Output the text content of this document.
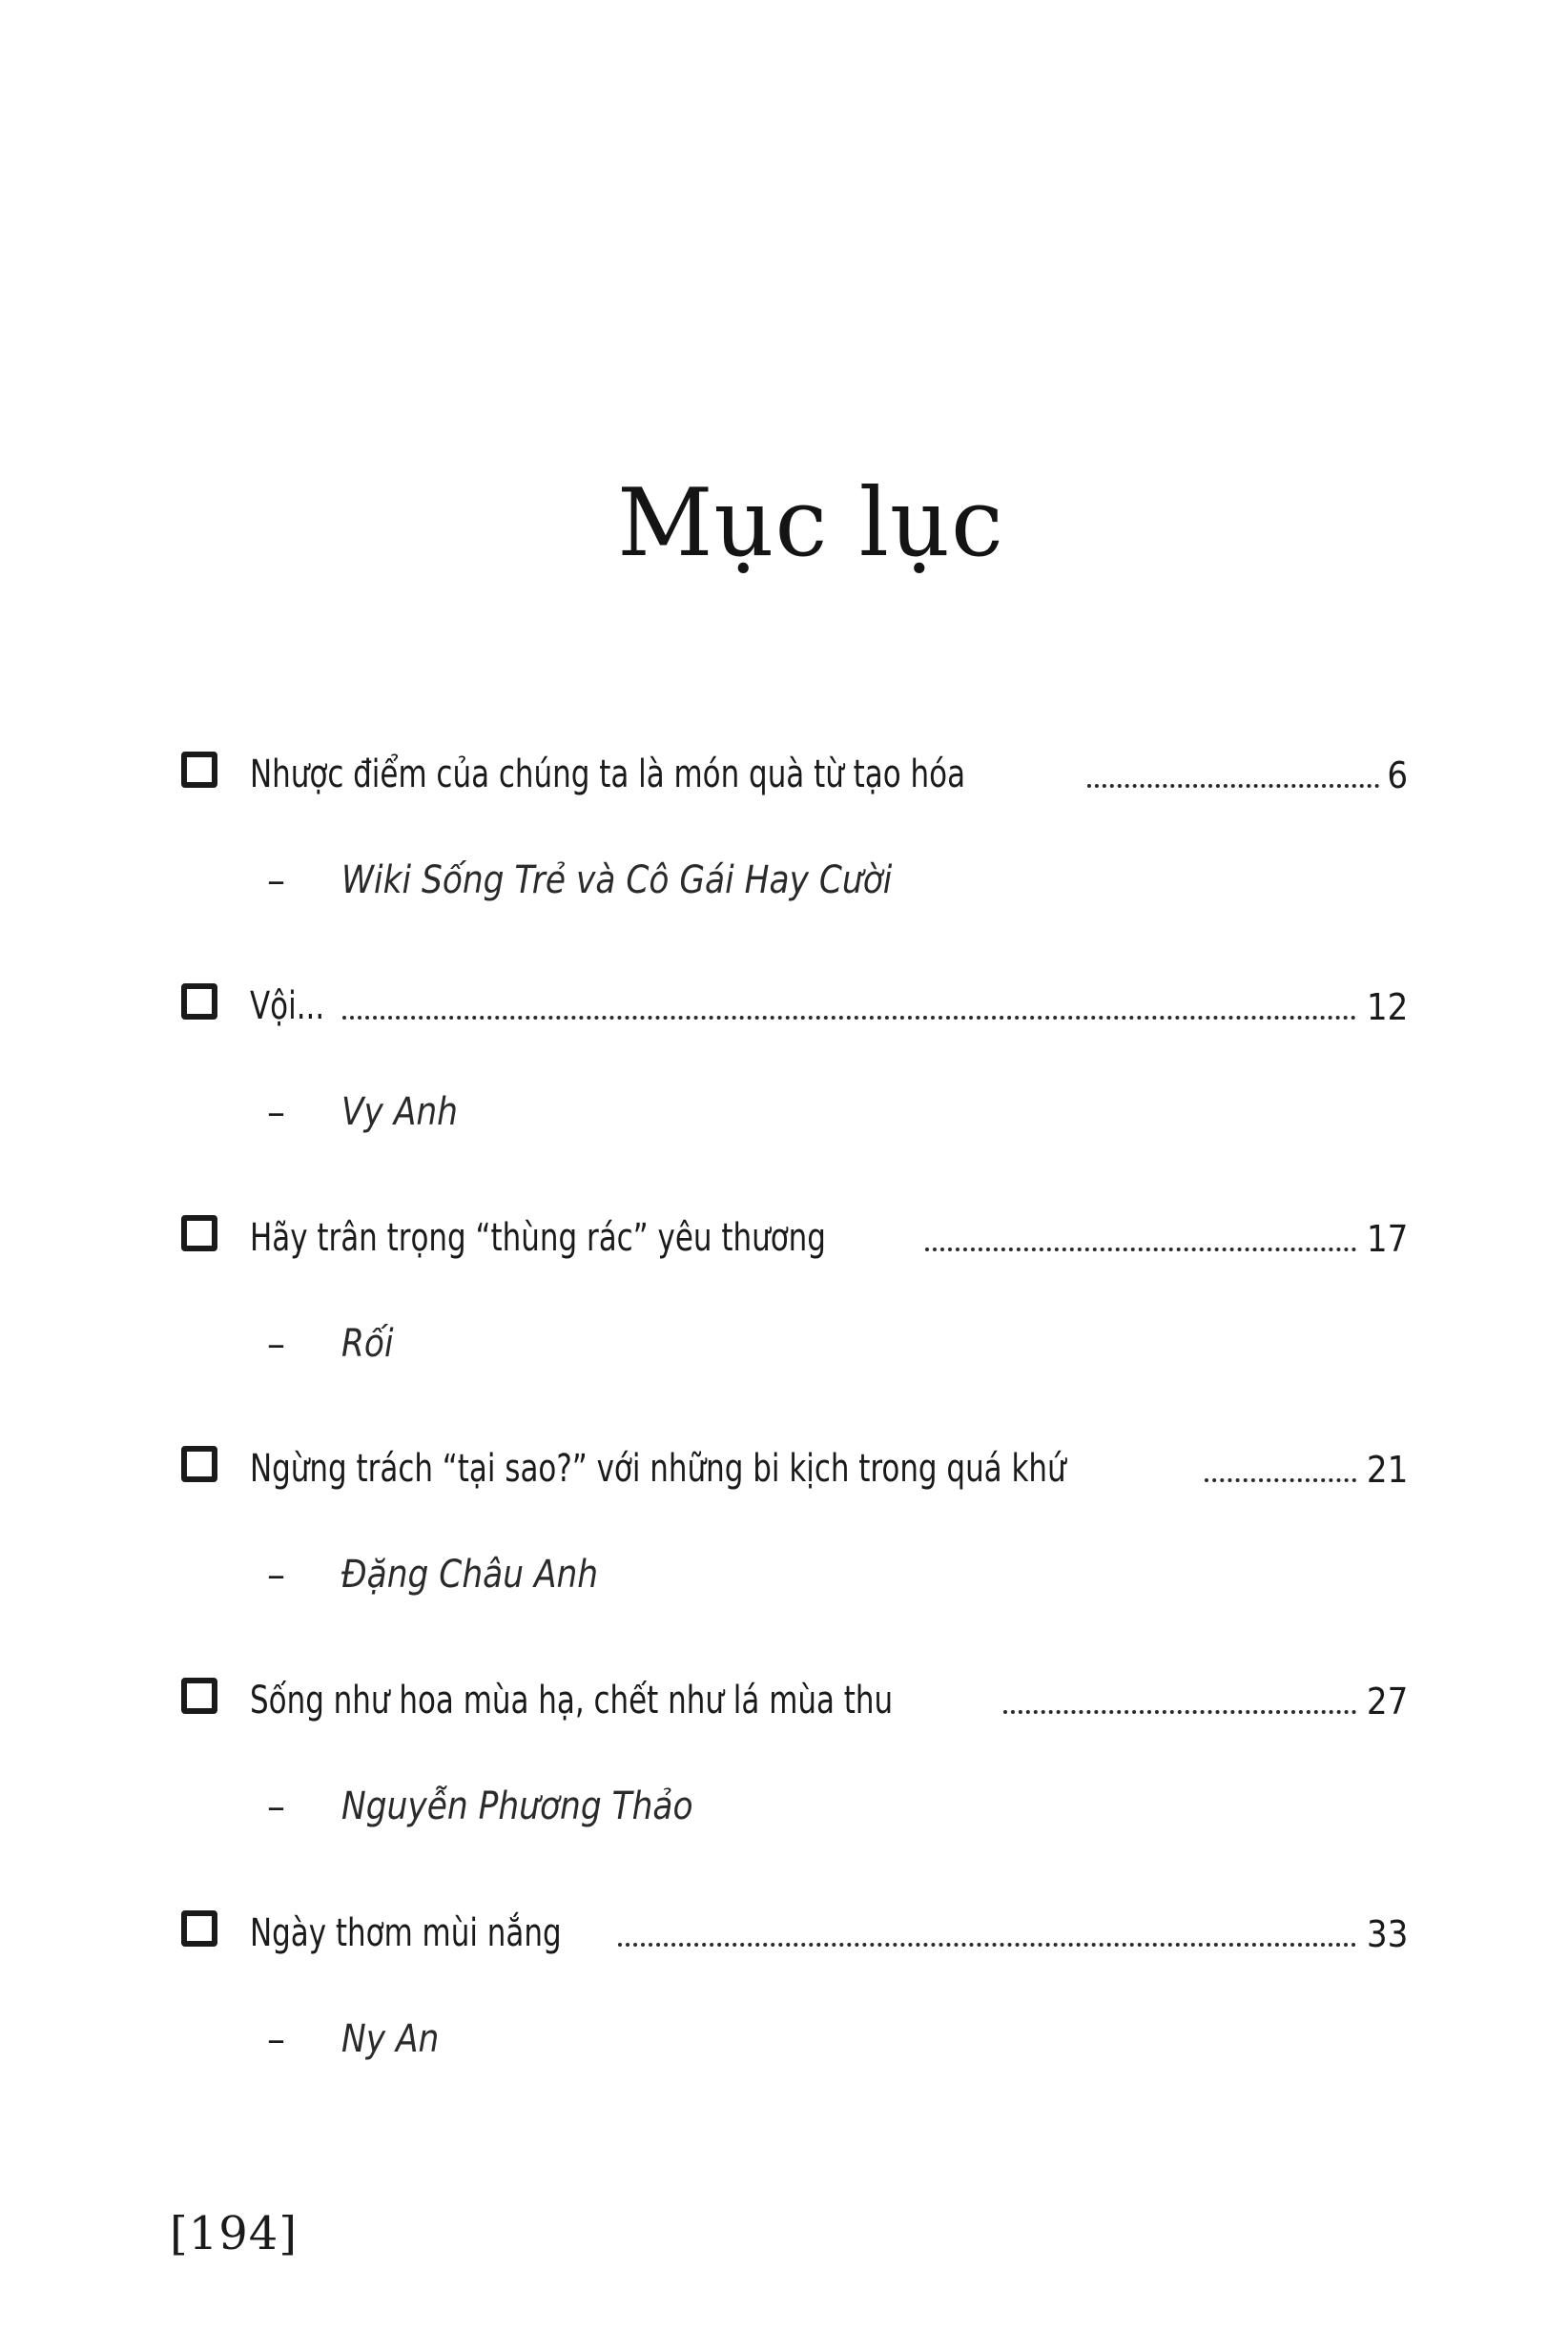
Mục lục
Nhược điểm của chúng ta là món quà từ tạo hóa	6
– Wiki Sống Trẻ và Cô Gái Hay Cười
Vội...	12
– Vy Anh
Hãy trân trọng “thùng rác” yêu thương	17
– Rối
Ngừng trách “tại sao?” với những bi kịch trong quá khứ	21
– Đặng Châu Anh
Sống như hoa mùa hạ, chết như lá mùa thu	27
– Nguyễn Phương Thảo
Ngày thơm mùi nắng	33
– Ny An
[194]
